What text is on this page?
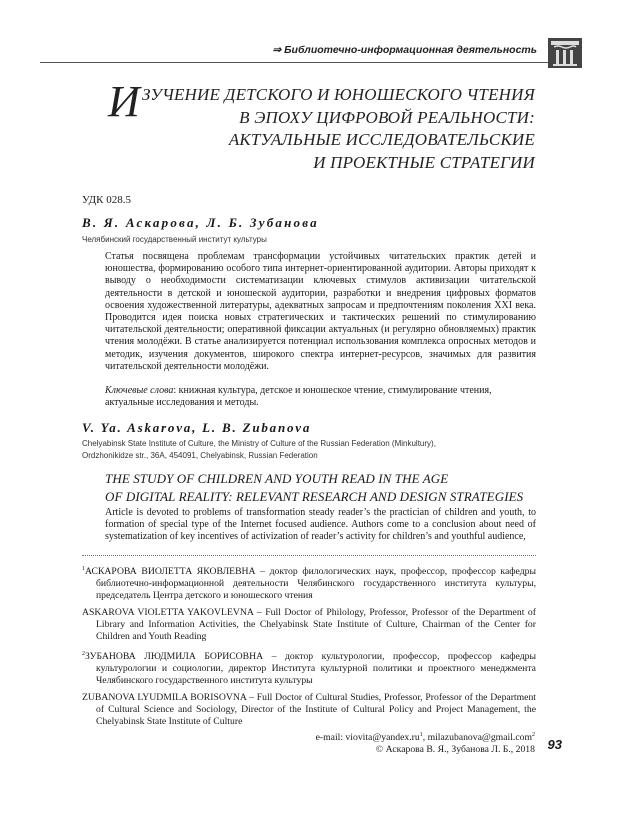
⇒ Библиотечно-информационная деятельность
ИЗУЧЕНИЕ ДЕТСКОГО И ЮНОШЕСКОГО ЧТЕНИЯ
В ЭПОХУ ЦИФРОВОЙ РЕАЛЬНОСТИ:
АКТУАЛЬНЫЕ ИССЛЕДОВАТЕЛЬСКИЕ
И ПРОЕКТНЫЕ СТРАТЕГИИ
УДК 028.5
В. Я. Аскарова, Л. Б. Зубанова
Челябинский государственный институт культуры
Статья посвящена проблемам трансформации устойчивых читательских практик детей и юношества, формированию особого типа интернет-ориентированной аудитории. Авторы приходят к выводу о необходимости систематизации ключевых стимулов активизации читательской деятельности в детской и юношеской аудитории, разработки и внедрения цифровых форматов освоения художественной литературы, адекватных запросам и предпочтениям поколения XXI века. Проводится идея поиска новых стратегических и тактических решений по стимулированию читательской деятельности; оперативной фиксации актуальных (и регулярно обновляемых) практик чтения молодёжи. В статье анализируется потенциал использования комплекса опросных методов и методик, изучения документов, широкого спектра интернет-ресурсов, значимых для развития читательской деятельности молодёжи.
Ключевые слова: книжная культура, детское и юношеское чтение, стимулирование чтения, актуальные исследования и методы.
V. Ya. Askarova, L. B. Zubanova
Chelyabinsk State Institute of Culture, the Ministry of Culture of the Russian Federation (Minkultury),
Ordzhonikidze str., 36A, 454091, Chelyabinsk, Russian Federation
THE STUDY OF CHILDREN AND YOUTH READ IN THE AGE
OF DIGITAL REALITY: RELEVANT RESEARCH AND DESIGN STRATEGIES
Article is devoted to problems of transformation steady reader’s the practician of children and youth, to formation of special type of the Internet focused audience. Authors come to a conclusion about need of systematization of key incentives of activization of reader’s activity for children’s and youthful audience,
$^1$АСКАРОВА ВИОЛЕТТА ЯКОВЛЕВНА – доктор филологических наук, профессор, профессор кафедры библиотечно-информационной деятельности Челябинского государственного института культуры, председатель Центра детского и юношеского чтения
ASKAROVA VIOLETTA YAKOVLEVNA – Full Doctor of Philology, Professor, Professor of the Department of Library and Information Activities, the Chelyabinsk State Institute of Culture, Chairman of the Center for Children and Youth Reading
$^2$ЗУБАНОВА ЛЮДМИЛА БОРИСОВНА – доктор культурологии, профессор, профессор кафедры культурологии и социологии, директор Института культурной политики и проектного менеджмента Челябинского государственного института культуры
ZUBANOVA LYUDMILA BORISOVNA – Full Doctor of Cultural Studies, Professor, Professor of the Department of Cultural Science and Sociology, Director of the Institute of Cultural Policy and Project Management, the Chelyabinsk State Institute of Culture
e-mail: $viovita@yandex.ru^1$, milazubanova@gmail.com$^2$
© Аскарова В. Я., Зубанова Л. Б., 2018 93
